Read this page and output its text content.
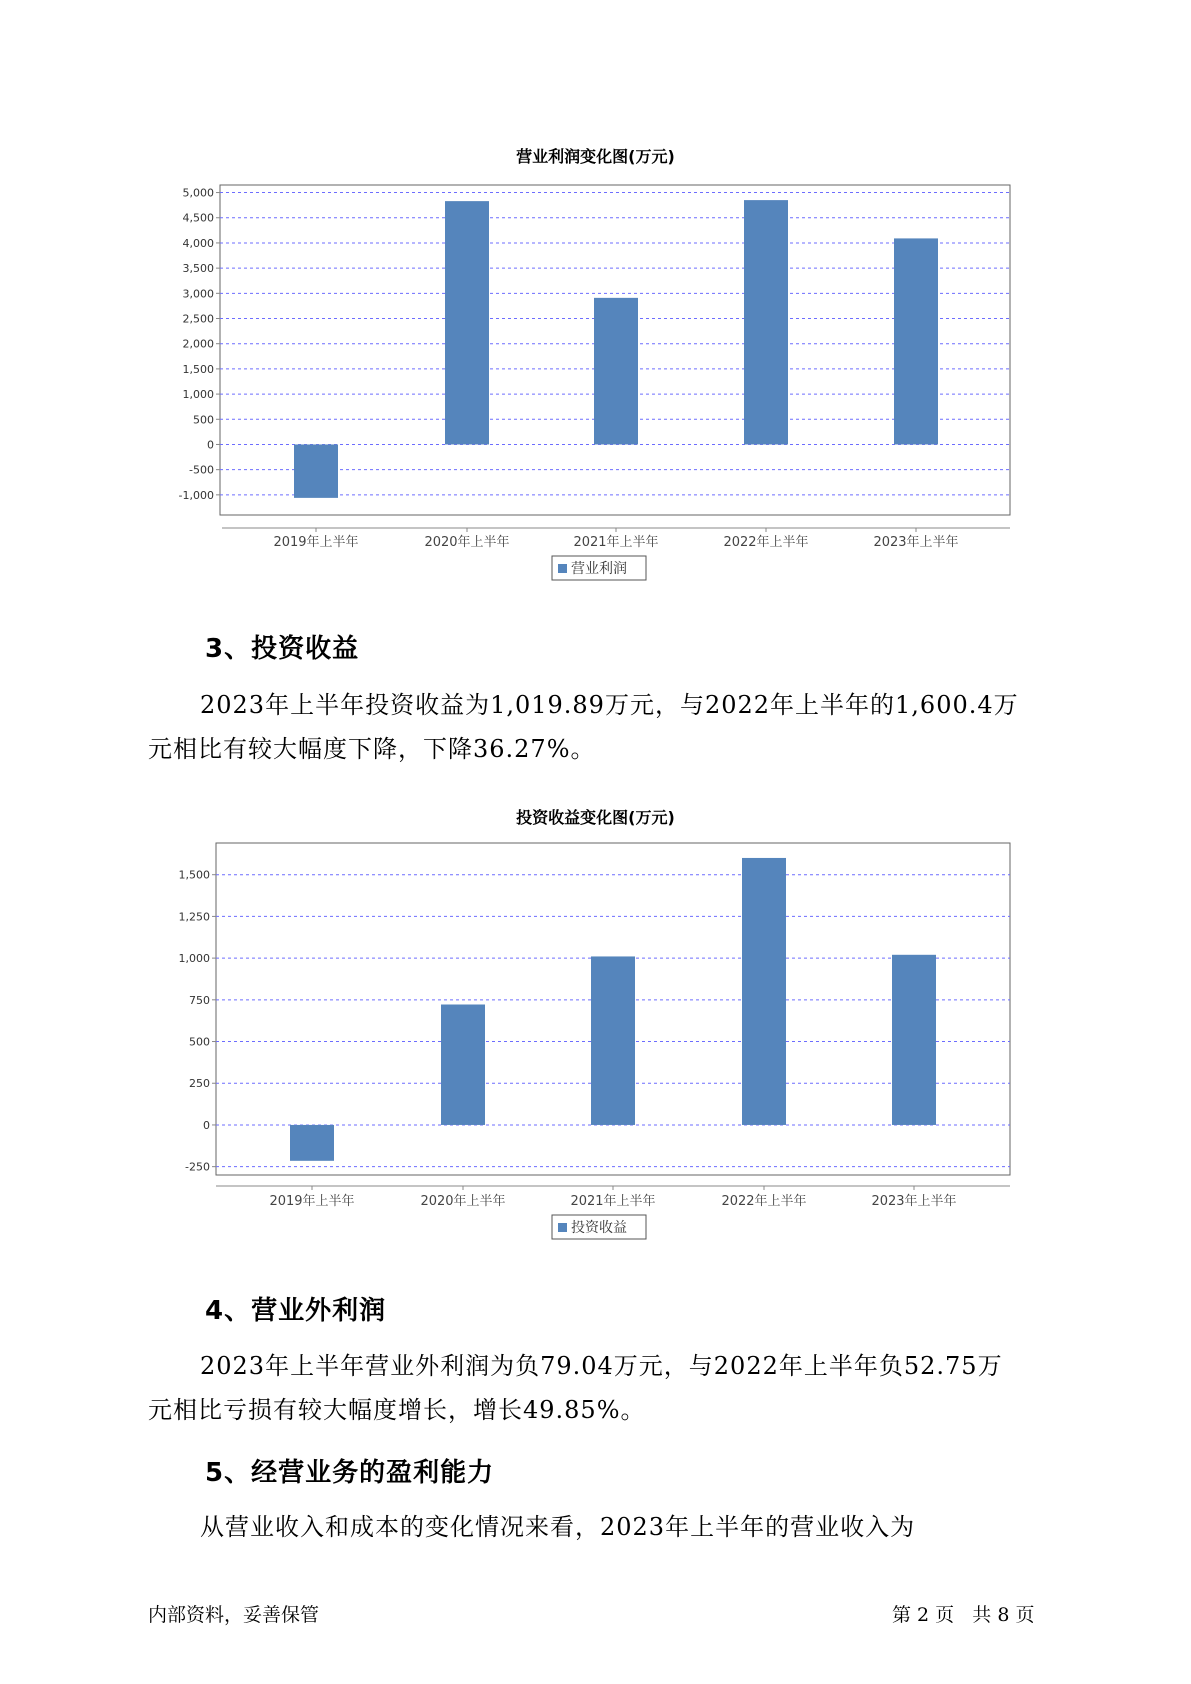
营业利润变化图(万元)
-1,000
-500
0
500
1,000
1,500
2,000
2,500
3,000
3,500
4,000
4,500
5,000
2019年上半年	2020年上半年	2021年上半年	2022年上半年	2023年上半年
营业利润
投资收益变化图(万元)
-250
0
250
500
750
1,000
1,250
1,500
2019年上半年	2020年上半年	2021年上半年	2022年上半年	2023年上半年
投资收益
3、投资收益
2023年上半年投资收益为1,019.89万元，与2022年上半年的1,600.4万
元相比有较大幅度下降，下降36.27%。
4、营业外利润
2023年上半年营业外利润为负79.04万元，与2022年上半年负52.75万
元相比亏损有较大幅度增长，增长49.85%。
5、经营业务的盈利能力
从营业收入和成本的变化情况来看，2023年上半年的营业收入为
内部资料，妥善保管	第 2 页   共 8 页
